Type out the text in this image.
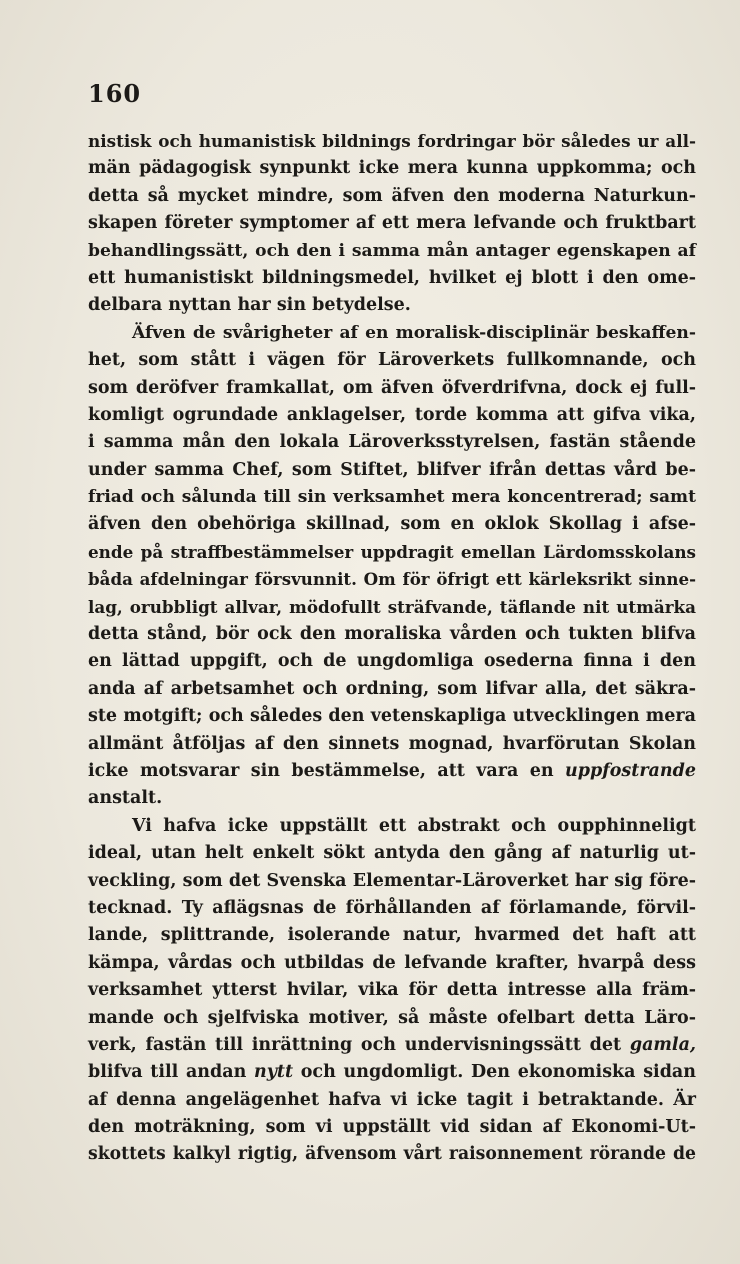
160
nistisk och humanistisk bildnings fordringar bör således ur all-
män pädagogisk synpunkt icke mera kunna uppkomma; och
detta så mycket mindre, som äfven den moderna Naturkun-
skapen företer symptomer af ett mera lefvande och fruktbart
behandlingssätt, och den i samma mån antager egenskapen af
ett humanistiskt bildningsmedel, hvilket ej blott i den ome-
delbara nyttan har sin betydelse.
Äfven de svårigheter af en moralisk-disciplinär beskaffen-
het, som stått i vägen för Läroverkets fullkomnande, och
som deröfver framkallat, om äfven öfverdrifvna, dock ej full-
komligt ogrundade anklagelser, torde komma att gifva vika,
i samma mån den lokala Läroverksstyrelsen, fastän stående
under samma Chef, som Stiftet, blifver ifrån dettas vård be-
friad och sålunda till sin verksamhet mera koncentrerad; samt
äfven den obehöriga skillnad, som en oklok Skollag i afse-
ende på straffbestämmelser uppdragit emellan Lärdomsskolans
båda afdelningar försvunnit. Om för öfrigt ett kärleksrikt sinne-
lag, orubbligt allvar, mödofullt sträfvande, täflande nit utmärka
detta stånd, bör ock den moraliska vården och tukten blifva
en lättad uppgift, och de ungdomliga osederna finna i den
anda af arbetsamhet och ordning, som lifvar alla, det säkra-
ste motgift; och således den vetenskapliga utvecklingen mera
allmänt åtföljas af den sinnets mognad, hvarförutan Skolan
icke motsvarar sin bestämmelse, att vara en uppfostrande
anstalt.
Vi hafva icke uppställt ett abstrakt och oupphinneligt
ideal, utan helt enkelt sökt antyda den gång af naturlig ut-
veckling, som det Svenska Elementar-Läroverket har sig före-
tecknad. Ty aflägsnas de förhållanden af förlamande, förvil-
lande, splittrande, isolerande natur, hvarmed det haft att
kämpa, vårdas och utbildas de lefvande krafter, hvarpå dess
verksamhet ytterst hvilar, vika för detta intresse alla främ-
mande och sjelfviska motiver, så måste ofelbart detta Läro-
verk, fastän till inrättning och undervisningssätt det gamla,
blifva till andan nytt och ungdomligt. Den ekonomiska sidan
af denna angelägenhet hafva vi icke tagit i betraktande. Är
den moträkning, som vi uppställt vid sidan af Ekonomi-Ut-
skottets kalkyl rigtig, äfvensom vårt raisonnement rörande de
